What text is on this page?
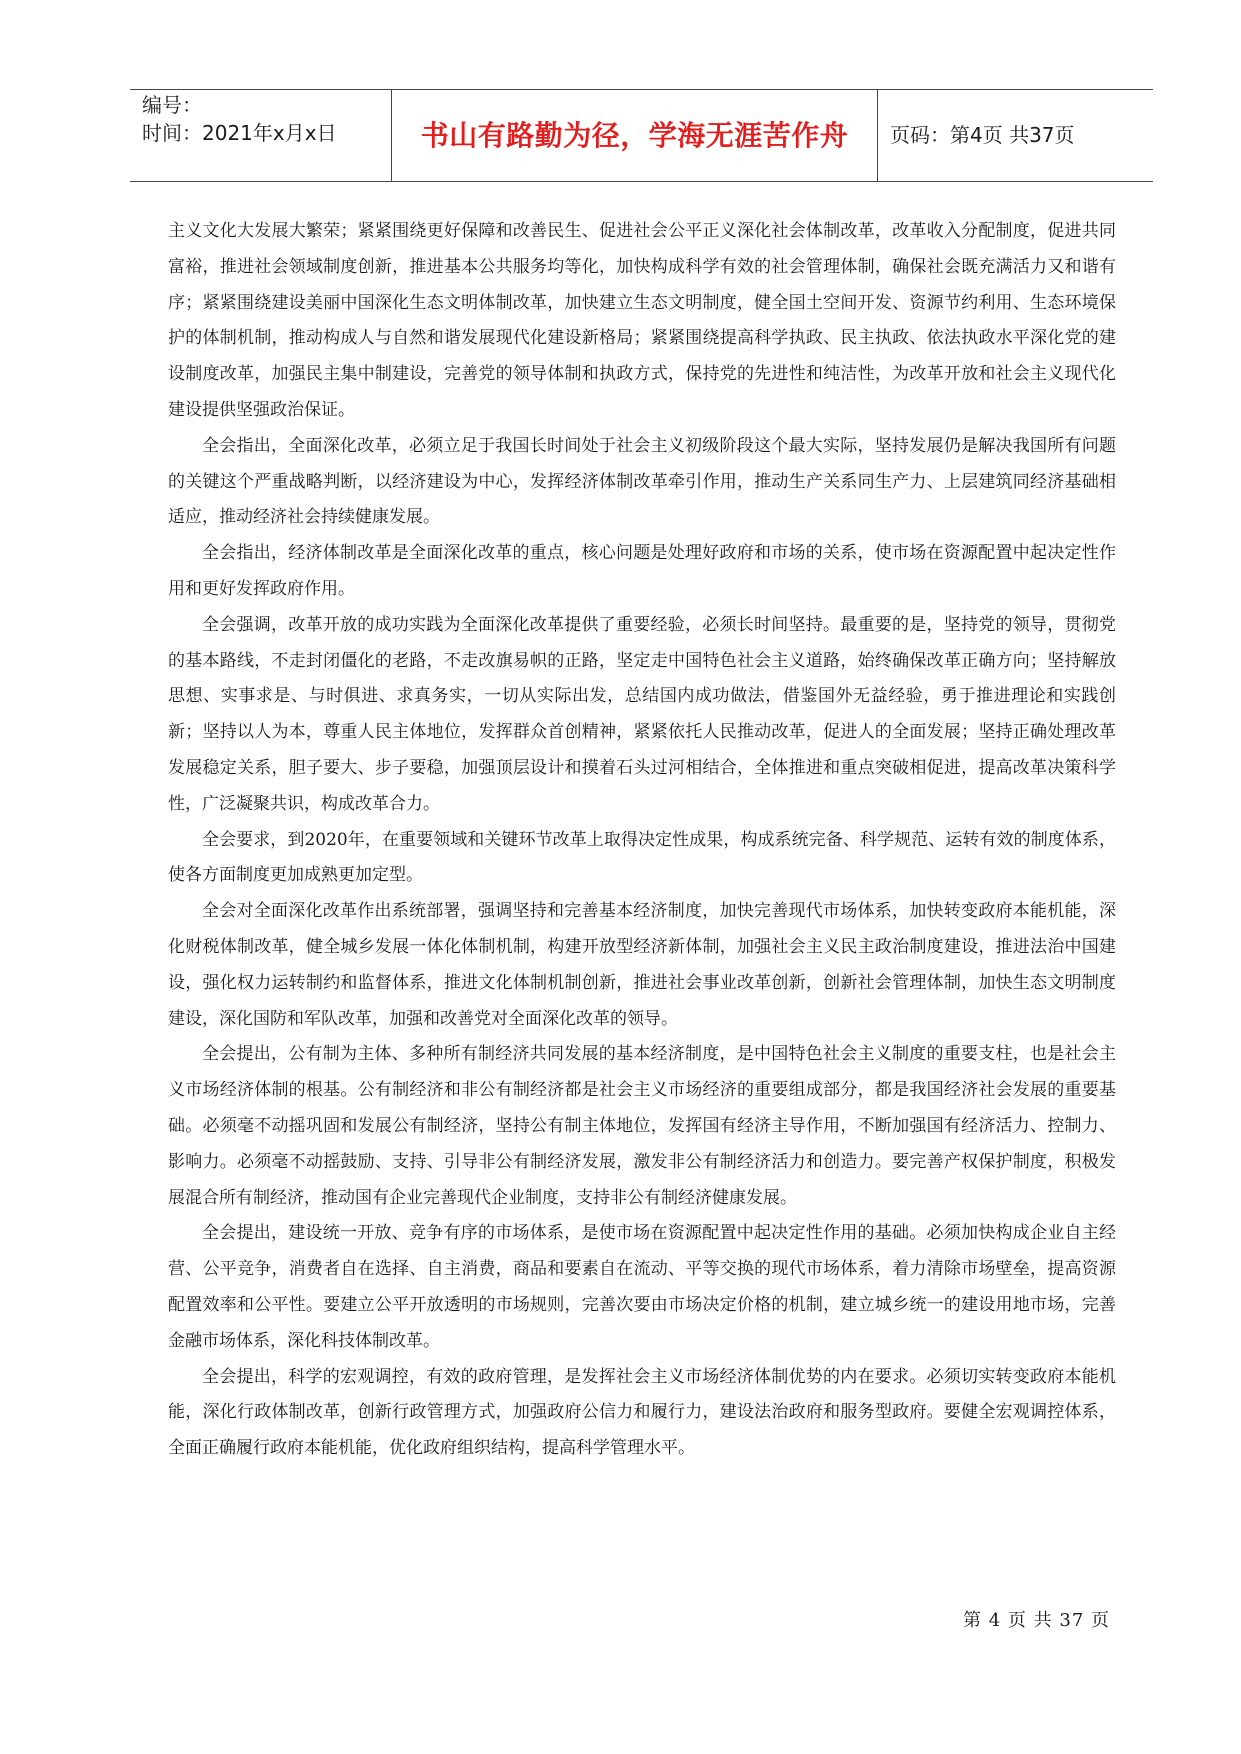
编号：
时间：2021年x月x日	书山有路勤为径，学海无涯苦作舟	页码：第4页 共37页

主义文化大发展大繁荣；紧紧围绕更好保障和改善民生、促进社会公平正义深化社会体制改革，改革收入分配制度，促进共同富裕，推进社会领域制度创新，推进基本公共服务均等化，加快构成科学有效的社会管理体制，确保社会既充满活力又和谐有序；紧紧围绕建设美丽中国深化生态文明体制改革，加快建立生态文明制度，健全国土空间开发、资源节约利用、生态环境保护的体制机制，推动构成人与自然和谐发展现代化建设新格局；紧紧围绕提高科学执政、民主执政、依法执政水平深化党的建设制度改革，加强民主集中制建设，完善党的领导体制和执政方式，保持党的先进性和纯洁性，为改革开放和社会主义现代化建设提供坚强政治保证。

全会指出，全面深化改革，必须立足于我国长时间处于社会主义初级阶段这个最大实际，坚持发展仍是解决我国所有问题的关键这个严重战略判断，以经济建设为中心，发挥经济体制改革牵引作用，推动生产关系同生产力、上层建筑同经济基础相适应，推动经济社会持续健康发展。

全会指出，经济体制改革是全面深化改革的重点，核心问题是处理好政府和市场的关系，使市场在资源配置中起决定性作用和更好发挥政府作用。

全会强调，改革开放的成功实践为全面深化改革提供了重要经验，必须长时间坚持。最重要的是，坚持党的领导，贯彻党的基本路线，不走封闭僵化的老路，不走改旗易帜的正路，坚定走中国特色社会主义道路，始终确保改革正确方向；坚持解放思想、实事求是、与时俱进、求真务实，一切从实际出发，总结国内成功做法，借鉴国外无益经验，勇于推进理论和实践创新；坚持以人为本，尊重人民主体地位，发挥群众首创精神，紧紧依托人民推动改革，促进人的全面发展；坚持正确处理改革发展稳定关系，胆子要大、步子要稳，加强顶层设计和摸着石头过河相结合，全体推进和重点突破相促进，提高改革决策科学性，广泛凝聚共识，构成改革合力。

全会要求，到2020年，在重要领域和关键环节改革上取得决定性成果，构成系统完备、科学规范、运转有效的制度体系，使各方面制度更加成熟更加定型。

全会对全面深化改革作出系统部署，强调坚持和完善基本经济制度，加快完善现代市场体系，加快转变政府本能机能，深化财税体制改革，健全城乡发展一体化体制机制，构建开放型经济新体制，加强社会主义民主政治制度建设，推进法治中国建设，强化权力运转制约和监督体系，推进文化体制机制创新，推进社会事业改革创新，创新社会管理体制，加快生态文明制度建设，深化国防和军队改革，加强和改善党对全面深化改革的领导。

全会提出，公有制为主体、多种所有制经济共同发展的基本经济制度，是中国特色社会主义制度的重要支柱，也是社会主义市场经济体制的根基。公有制经济和非公有制经济都是社会主义市场经济的重要组成部分，都是我国经济社会发展的重要基础。必须毫不动摇巩固和发展公有制经济，坚持公有制主体地位，发挥国有经济主导作用，不断加强国有经济活力、控制力、影响力。必须毫不动摇鼓励、支持、引导非公有制经济发展，激发非公有制经济活力和创造力。要完善产权保护制度，积极发展混合所有制经济，推动国有企业完善现代企业制度，支持非公有制经济健康发展。

全会提出，建设统一开放、竞争有序的市场体系，是使市场在资源配置中起决定性作用的基础。必须加快构成企业自主经营、公平竞争，消费者自在选择、自主消费，商品和要素自在流动、平等交换的现代市场体系，着力清除市场壁垒，提高资源配置效率和公平性。要建立公平开放透明的市场规则，完善次要由市场决定价格的机制，建立城乡统一的建设用地市场，完善金融市场体系，深化科技体制改革。

全会提出，科学的宏观调控，有效的政府管理，是发挥社会主义市场经济体制优势的内在要求。必须切实转变政府本能机能，深化行政体制改革，创新行政管理方式，加强政府公信力和履行力，建设法治政府和服务型政府。要健全宏观调控体系，全面正确履行政府本能机能，优化政府组织结构，提高科学管理水平。

第 4 页 共 37 页
